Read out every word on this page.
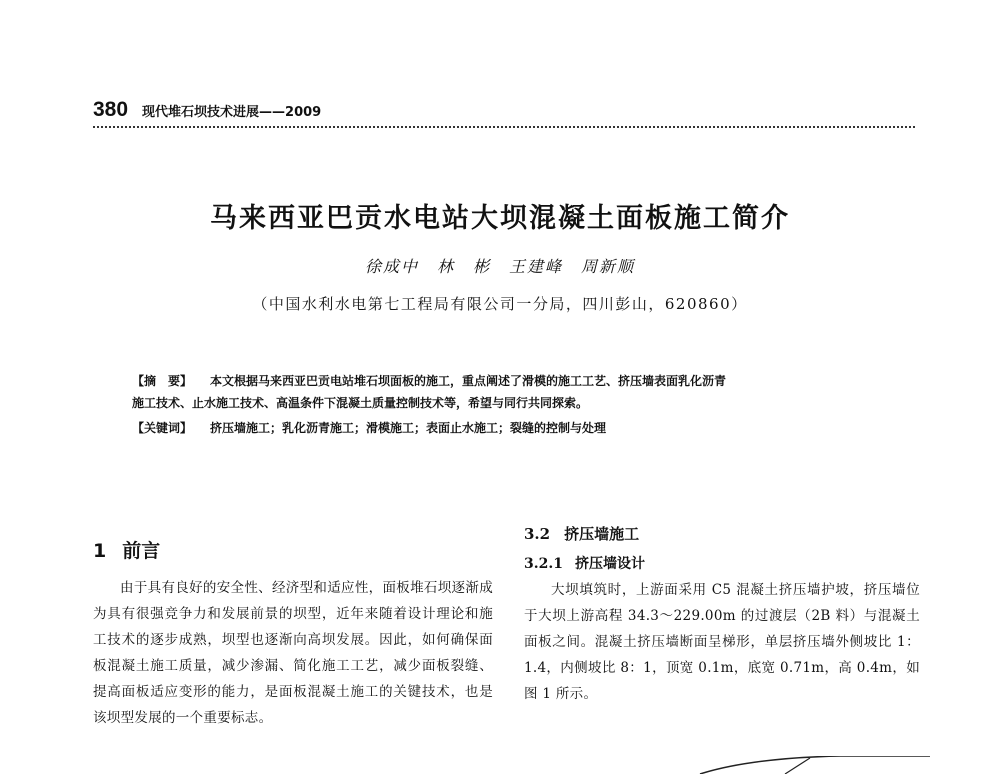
380 现代堆石坝技术进展——2009
马来西亚巴贡水电站大坝混凝土面板施工简介
徐成中　林　彬　王建峰　周新顺
（中国水利水电第七工程局有限公司一分局，四川彭山，620860）
【摘　要】 本文根据马来西亚巴贡电站堆石坝面板的施工，重点阐述了滑模的施工工艺、挤压墙表面乳化沥青
施工技术、止水施工技术、高温条件下混凝土质量控制技术等，希望与同行共同探索。
【关键词】 挤压墙施工；乳化沥青施工；滑模施工；表面止水施工；裂缝的控制与处理
1 前言

由于具有良好的安全性、经济型和适应性，面板堆石坝逐渐成为具有很强竞争力和发展前景的坝型，近年来随着设计理论和施工技术的逐步成熟，坝型也逐渐向高坝发展。因此，如何确保面板混凝土施工质量，减少渗漏、简化施工工艺，减少面板裂缝、提高面板适应变形的能力，是面板混凝土施工的关键技术，也是该坝型发展的一个重要标志。

3.2 挤压墙施工
3.2.1 挤压墙设计

大坝填筑时，上游面采用 C5 混凝土挤压墙护坡，挤压墙位于大坝上游高程 34.3～229.00m 的过渡层（2B 料）与混凝土面板之间。混凝土挤压墙断面呈梯形，单层挤压墙外侧坡比 1：1.4，内侧坡比 8：1，顶宽 0.1m，底宽 0.71m，高 0.4m，如图 1 所示。
